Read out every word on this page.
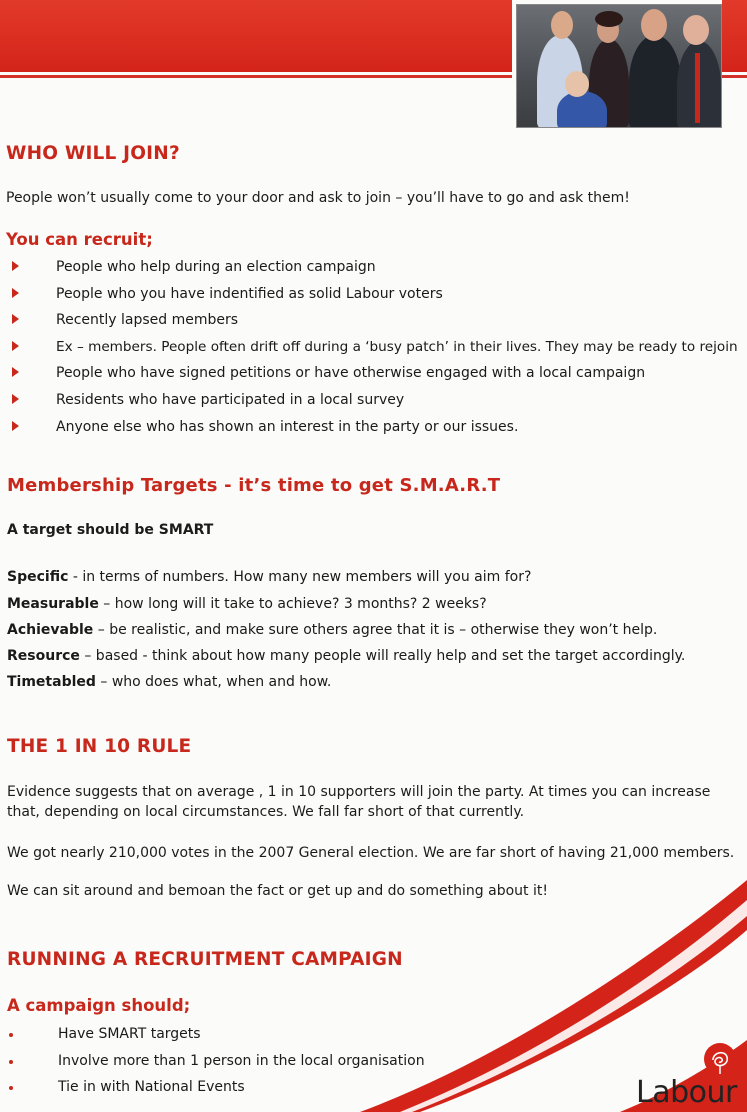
WHO WILL JOIN?

People won’t usually come to your door and ask to join – you’ll have to go and ask them!

You can recruit;
People who help during an election campaign
People who you have indentified as solid Labour voters
Recently lapsed members
Ex – members. People often drift off during a ‘busy patch’ in their lives. They may be ready to rejoin
People who have signed petitions or have otherwise engaged with a local campaign
Residents who have participated in a local survey
Anyone else who has shown an interest in the party or our issues.
Membership Targets - it’s time to get S.M.A.R.T

A target should be SMART

Specific - in terms of numbers. How many new members will you aim for?
Measurable – how long will it take to achieve? 3 months? 2 weeks?
Achievable – be realistic, and make sure others agree that it is – otherwise they won’t help.
Resource – based - think about how many people will really help and set the target accordingly.
Timetabled – who does what, when and how.
THE 1 IN 10 RULE

Evidence suggests that on average , 1 in 10 supporters will join the party. At times you can increase that, depending on local circumstances. We fall far short of that currently.

We got nearly 210,000 votes in the 2007 General election. We are far short of having 21,000 members.

We can sit around and bemoan the fact or get up and do something about it!

RUNNING A RECRUITMENT CAMPAIGN
A campaign should;
Have SMART targets
Involve more than 1 person in the local organisation
Tie in with National Events	Labour
